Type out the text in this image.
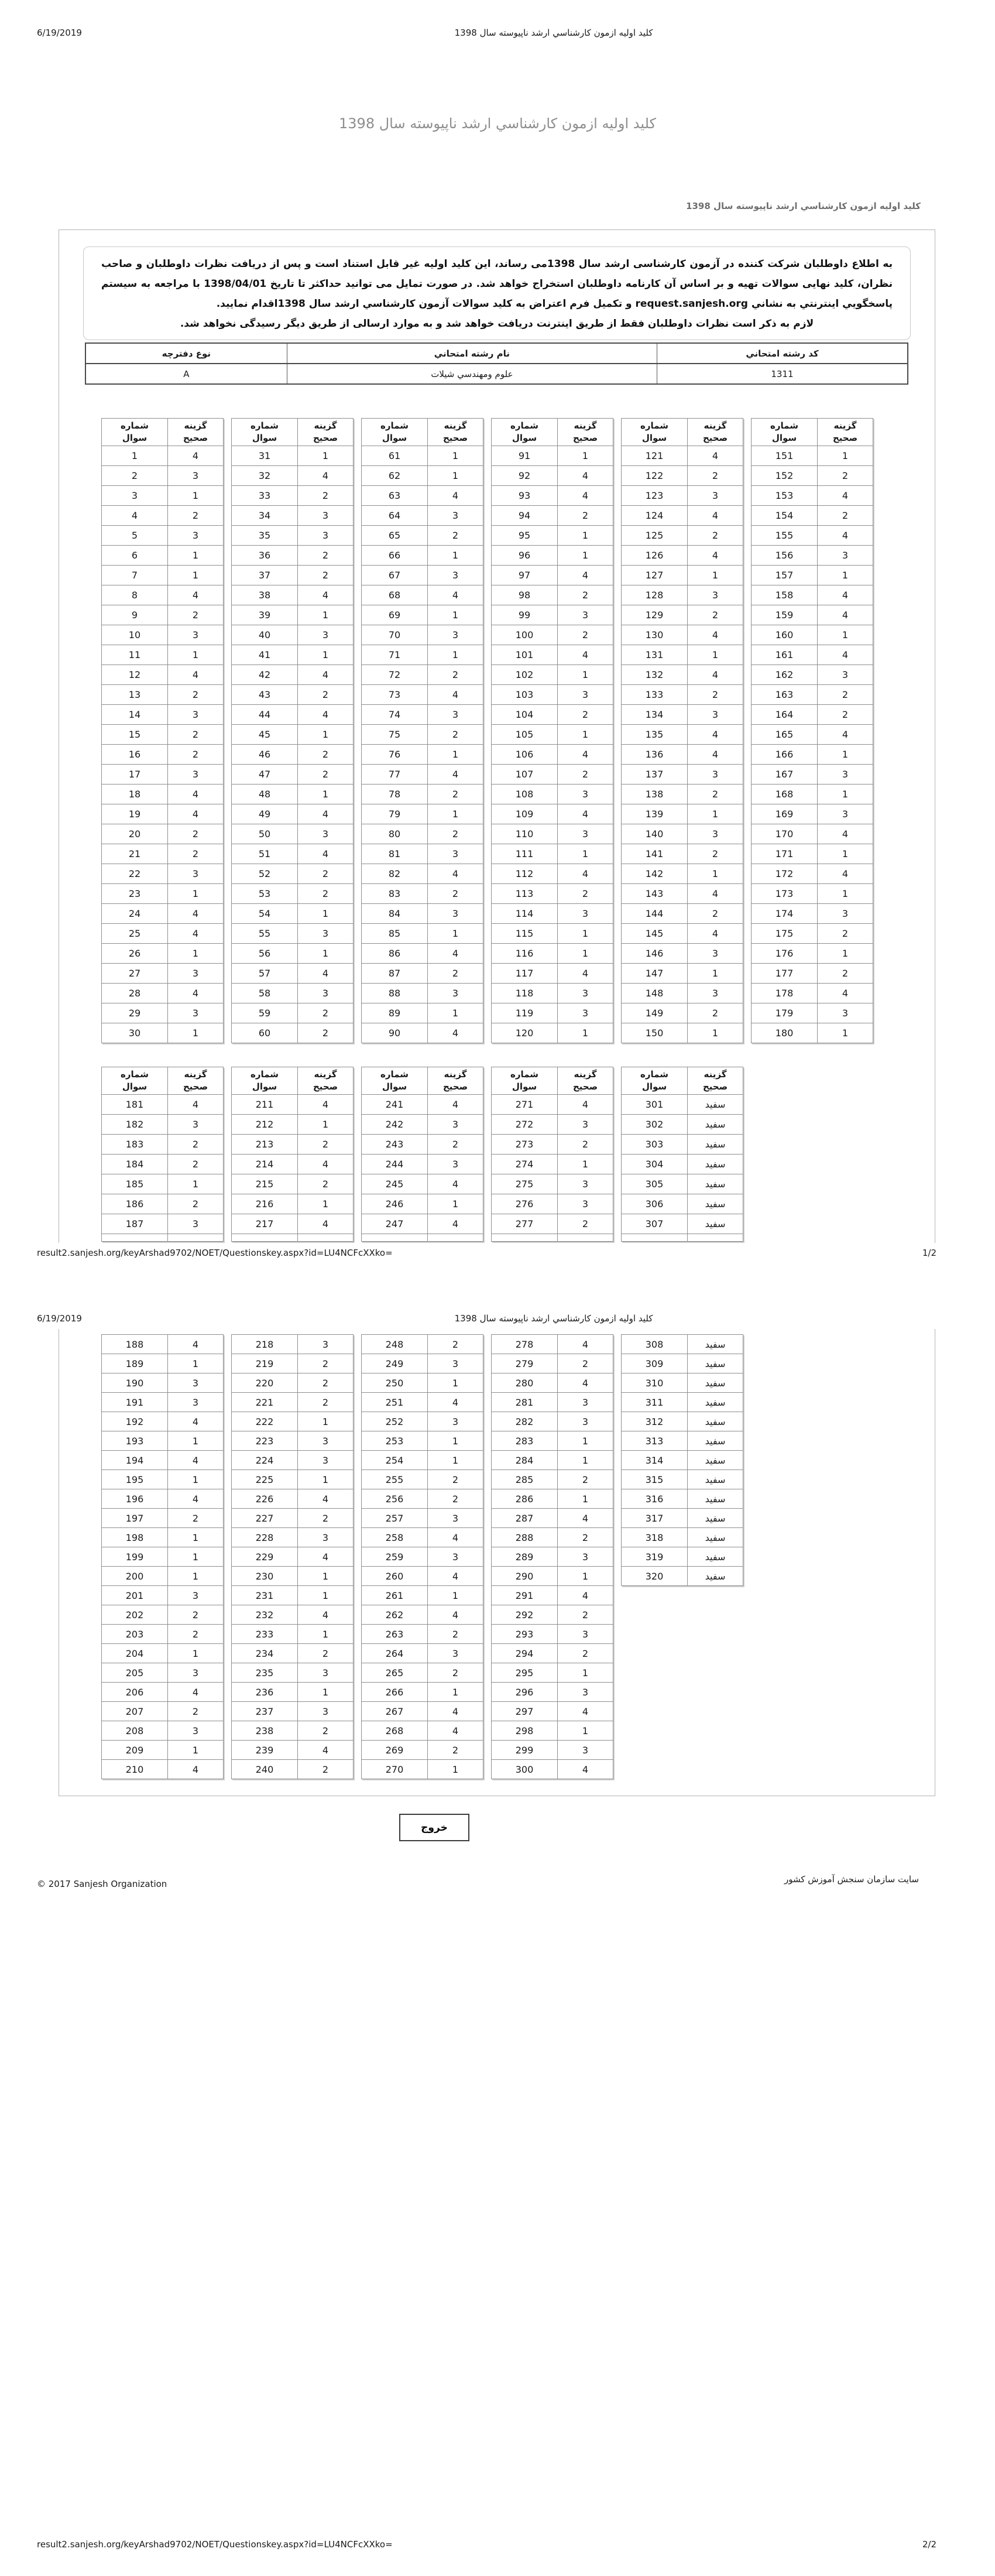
6/19/2019	کلید اولیه ازمون کارشناسي ارشد ناپیوسته سال 1398
کلید اولیه ازمون کارشناسي ارشد ناپیوسته سال 1398
کلید اولیه ازمون کارشناسي ارشد ناپیوسته سال 1398
به اطلاع داوطلبان شرکت کننده در آزمون کارشناسی ارشد سال 1398می رساند، این کلید اولیه غیر قابل استناد است و پس از دریافت نظرات داوطلبان و صاحب نظران، کلید نهایی سوالات تهیه و بر اساس آن کارنامه داوطلبان استخراج خواهد شد. در صورت تمایل می توانید حداکثر تا تاریخ 1398/04/01 با مراجعه به سیستم پاسخگویي اینترنتي به نشاني request.sanjesh.org و تکمیل فرم اعتراض به کلید سوالات آزمون کارشناسي ارشد سال 1398اقدام نمایید.
لازم به ذکر است نظرات داوطلبان فقط از طریق اینترنت دریافت خواهد شد و به موارد ارسالی از طریق دیگر رسیدگی نخواهد شد.
کد رشته امتحاني	نام رشته امتحاني	نوع دفترچه
1311	علوم ومهندسي شیلات	A
شماره
سوال	گزینه
صحیح
1	4
2	3
3	1
4	2
5	3
6	1
7	1
8	4
9	2
10	3
11	1
12	4
13	2
14	3
15	2
16	2
17	3
18	4
19	4
20	2
21	2
22	3
23	1
24	4
25	4
26	1
27	3
28	4
29	3
30	1
شماره
سوال	گزینه
صحیح
31	1
32	4
33	2
34	3
35	3
36	2
37	2
38	4
39	1
40	3
41	1
42	4
43	2
44	4
45	1
46	2
47	2
48	1
49	4
50	3
51	4
52	2
53	2
54	1
55	3
56	1
57	4
58	3
59	2
60	2
شماره
سوال	گزینه
صحیح
61	1
62	1
63	4
64	3
65	2
66	1
67	3
68	4
69	1
70	3
71	1
72	2
73	4
74	3
75	2
76	1
77	4
78	2
79	1
80	2
81	3
82	4
83	2
84	3
85	1
86	4
87	2
88	3
89	1
90	4
شماره
سوال	گزینه
صحیح
91	1
92	4
93	4
94	2
95	1
96	1
97	4
98	2
99	3
100	2
101	4
102	1
103	3
104	2
105	1
106	4
107	2
108	3
109	4
110	3
111	1
112	4
113	2
114	3
115	1
116	1
117	4
118	3
119	3
120	1
شماره
سوال	گزینه
صحیح
121	4
122	2
123	3
124	4
125	2
126	4
127	1
128	3
129	2
130	4
131	1
132	4
133	2
134	3
135	4
136	4
137	3
138	2
139	1
140	3
141	2
142	1
143	4
144	2
145	4
146	3
147	1
148	3
149	2
150	1
شماره
سوال	گزینه
صحیح
151	1
152	2
153	4
154	2
155	4
156	3
157	1
158	4
159	4
160	1
161	4
162	3
163	2
164	2
165	4
166	1
167	3
168	1
169	3
170	4
171	1
172	4
173	1
174	3
175	2
176	1
177	2
178	4
179	3
180	1
شماره
سوال	گزینه
صحیح
181	4
182	3
183	2
184	2
185	1
186	2
187	3

شماره
سوال	گزینه
صحیح
211	4
212	1
213	2
214	4
215	2
216	1
217	4

شماره
سوال	گزینه
صحیح
241	4
242	3
243	2
244	3
245	4
246	1
247	4

شماره
سوال	گزینه
صحیح
271	4
272	3
273	2
274	1
275	3
276	3
277	2

شماره
سوال	گزینه
صحیح
301	سفید
302	سفید
303	سفید
304	سفید
305	سفید
306	سفید
307	سفید

result2.sanjesh.org/keyArshad9702/NOET/Questionskey.aspx?id=LU4NCFcXXko=	1/2
6/19/2019	کلید اولیه ازمون کارشناسي ارشد ناپیوسته سال 1398
188	4
189	1
190	3
191	3
192	4
193	1
194	4
195	1
196	4
197	2
198	1
199	1
200	1
201	3
202	2
203	2
204	1
205	3
206	4
207	2
208	3
209	1
210	4
218	3
219	2
220	2
221	2
222	1
223	3
224	3
225	1
226	4
227	2
228	3
229	4
230	1
231	1
232	4
233	1
234	2
235	3
236	1
237	3
238	2
239	4
240	2
248	2
249	3
250	1
251	4
252	3
253	1
254	1
255	2
256	2
257	3
258	4
259	3
260	4
261	1
262	4
263	2
264	3
265	2
266	1
267	4
268	4
269	2
270	1
278	4
279	2
280	4
281	3
282	3
283	1
284	1
285	2
286	1
287	4
288	2
289	3
290	1
291	4
292	2
293	3
294	2
295	1
296	3
297	4
298	1
299	3
300	4
308	سفید
309	سفید
310	سفید
311	سفید
312	سفید
313	سفید
314	سفید
315	سفید
316	سفید
317	سفید
318	سفید
319	سفید
320	سفید
خروج
© 2017 Sanjesh Organization	سایت سازمان سنجش آموزش کشور
result2.sanjesh.org/keyArshad9702/NOET/Questionskey.aspx?id=LU4NCFcXXko=	2/2
